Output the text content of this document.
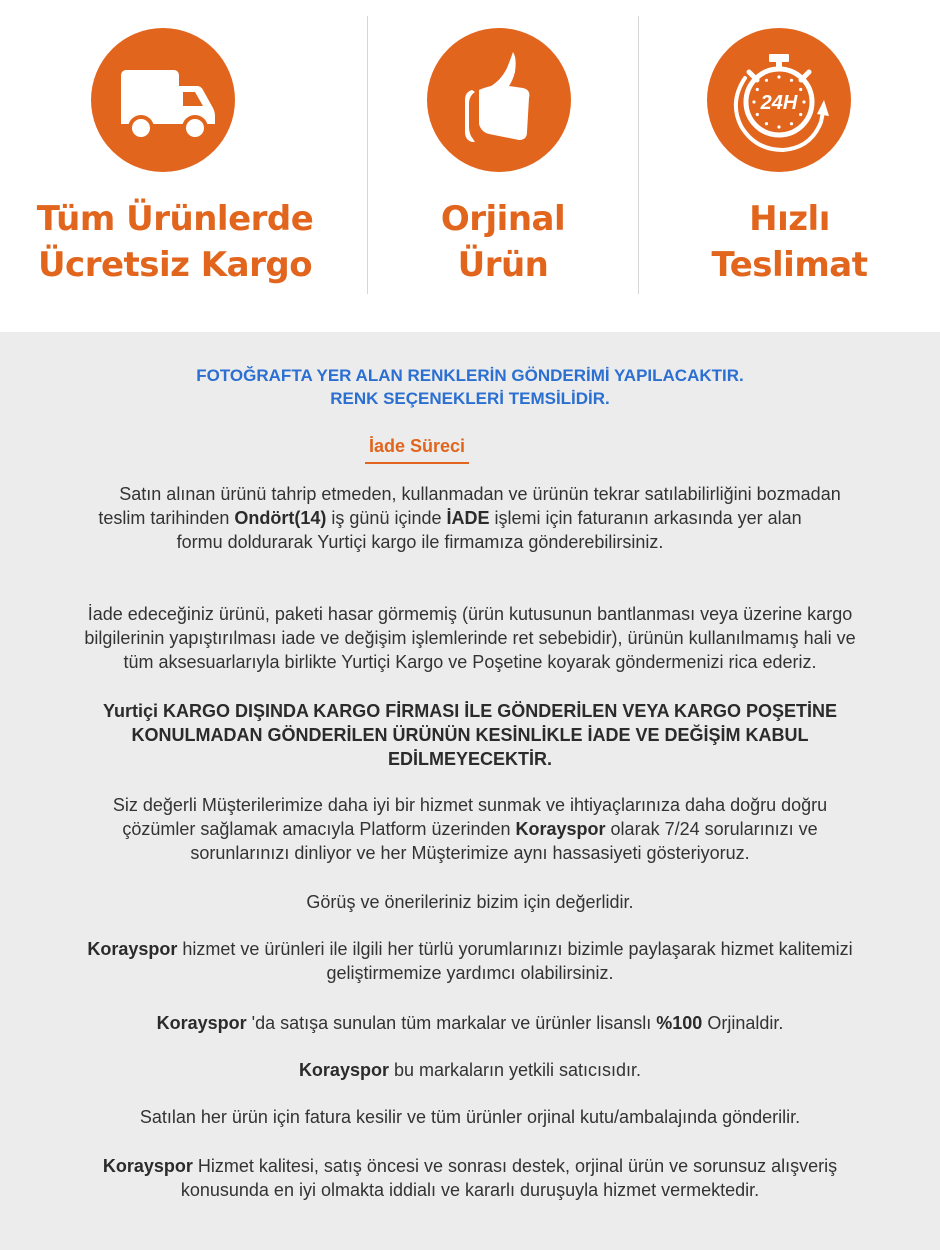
Tüm Ürünlerde
Ücretsiz Kargo
Orjinal
Ürün
24H
Hızlı
Teslimat
FOTOĞRAFTA YER ALAN RENKLERİN GÖNDERİMİ YAPILACAKTIR.
RENK SEÇENEKLERİ TEMSİLİDİR.
İade Süreci
Satın alınan ürünü tahrip etmeden, kullanmadan ve ürünün tekrar satılabilirliğini bozmadan
teslim tarihinden Ondört(14) iş günü içinde İADE işlemi için faturanın arkasında yer alan
formu doldurarak Yurtiçi kargo ile firmamıza gönderebilirsiniz.
İade edeceğiniz ürünü, paketi hasar görmemiş (ürün kutusunun bantlanması veya üzerine kargo
bilgilerinin yapıştırılması iade ve değişim işlemlerinde ret sebebidir), ürünün kullanılmamış hali ve
tüm aksesuarlarıyla birlikte Yurtiçi Kargo ve Poşetine koyarak göndermenizi rica ederiz.
Yurtiçi KARGO DIŞINDA KARGO FİRMASI İLE GÖNDERİLEN VEYA KARGO POŞETİNE
KONULMADAN GÖNDERİLEN ÜRÜNÜN KESİNLİKLE İADE VE DEĞİŞİM KABUL
EDİLMEYECEKTİR.
Siz değerli Müşterilerimize daha iyi bir hizmet sunmak ve ihtiyaçlarınıza daha doğru doğru
çözümler sağlamak amacıyla Platform üzerinden Korayspor olarak 7/24 sorularınızı ve
sorunlarınızı dinliyor ve her Müşterimize aynı hassasiyeti gösteriyoruz.
Görüş ve önerileriniz bizim için değerlidir.
Korayspor hizmet ve ürünleri ile ilgili her türlü yorumlarınızı bizimle paylaşarak hizmet kalitemizi
geliştirmemize yardımcı olabilirsiniz.
Korayspor 'da satışa sunulan tüm markalar ve ürünler lisanslı %100 Orjinaldir.
Korayspor bu markaların yetkili satıcısıdır.
Satılan her ürün için fatura kesilir ve tüm ürünler orjinal kutu/ambalajında gönderilir.
Korayspor Hizmet kalitesi, satış öncesi ve sonrası destek, orjinal ürün ve sorunsuz alışveriş
konusunda en iyi olmakta iddialı ve kararlı duruşuyla hizmet vermektedir.
